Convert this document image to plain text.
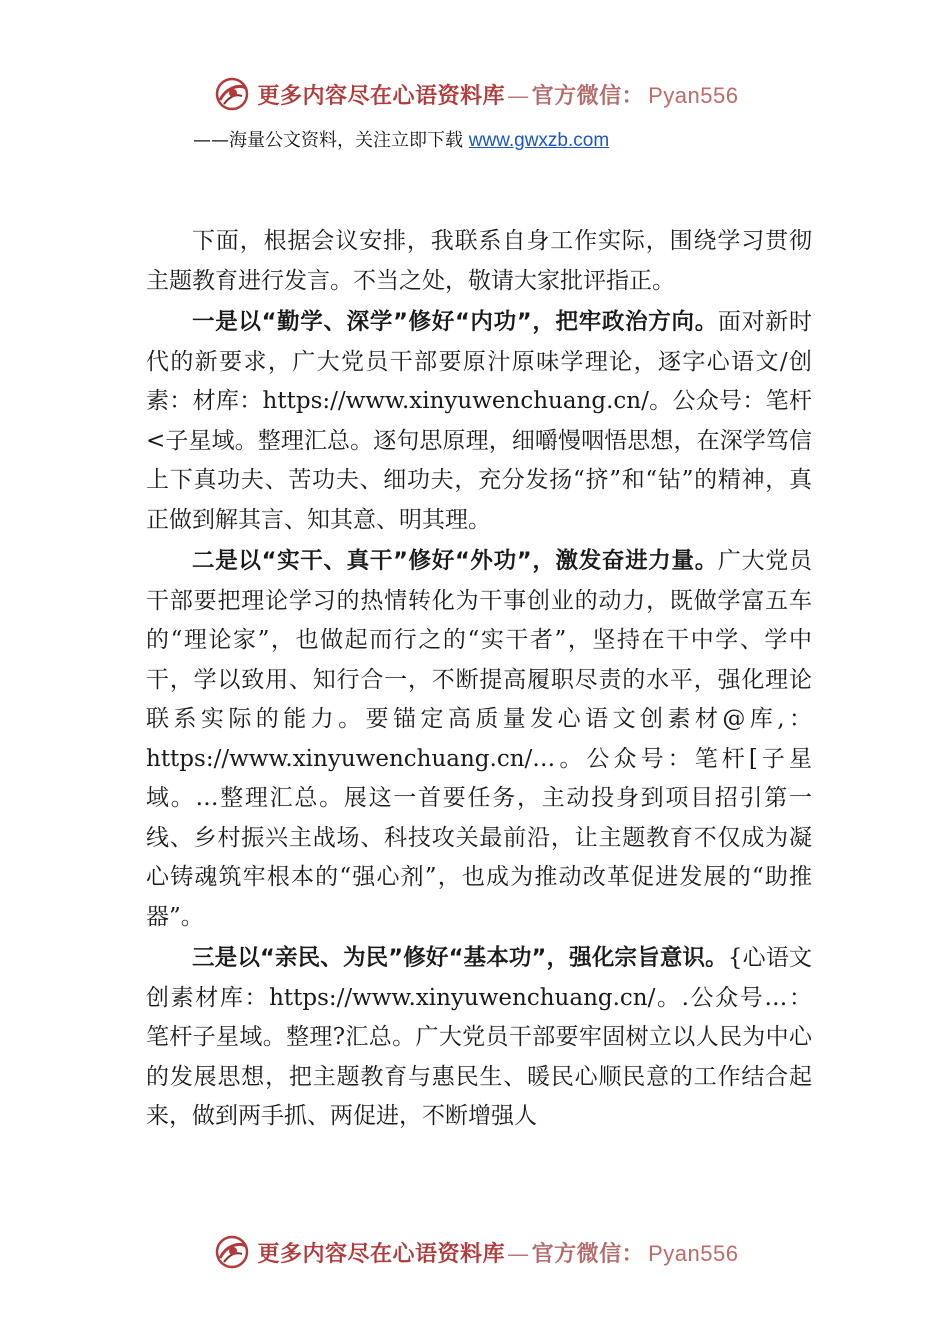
更多内容尽在心语资料库—官方微信： Pyan556
——海量公文资料，关注立即下载 www.gwxzb.com

下面，根据会议安排，我联系自身工作实际，围绕学习贯彻主题教育进行发言。不当之处，敬请大家批评指正。

一是以“勤学、深学”修好“内功”，把牢政治方向。面对新时代的新要求，广大党员干部要原汁原味学理论，逐字心语文/创素：材库：https://www.xinyuwenchuang.cn/。公众号：笔杆<子星域。整理汇总。逐句思原理，细嚼慢咽悟思想，在深学笃信上下真功夫、苦功夫、细功夫，充分发扬“挤”和“钻”的精神，真正做到解其言、知其意、明其理。

二是以“实干、真干”修好“外功”，激发奋进力量。广大党员干部要把理论学习的热情转化为干事创业的动力，既做学富五车的“理论家”，也做起而行之的“实干者”，坚持在干中学、学中干，学以致用、知行合一，不断提高履职尽责的水平，强化理论联系实际的能力。要锚定高质量发心语文创素材@库,：https://www.xinyuwenchuang.cn/…。公众号：笔杆[子星域。…整理汇总。展这一首要任务，主动投身到项目招引第一线、乡村振兴主战场、科技攻关最前沿，让主题教育不仅成为凝心铸魂筑牢根本的“强心剂”，也成为推动改革促进发展的“助推器”。

三是以“亲民、为民”修好“基本功”，强化宗旨意识。{心语文创素材库：https://www.xinyuwenchuang.cn/。.公众号…：笔杆子星域。整理?汇总。广大党员干部要牢固树立以人民为中心的发展思想，把主题教育与惠民生、暖民心顺民意的工作结合起来，做到两手抓、两促进，不断增强人

更多内容尽在心语资料库—官方微信： Pyan556
